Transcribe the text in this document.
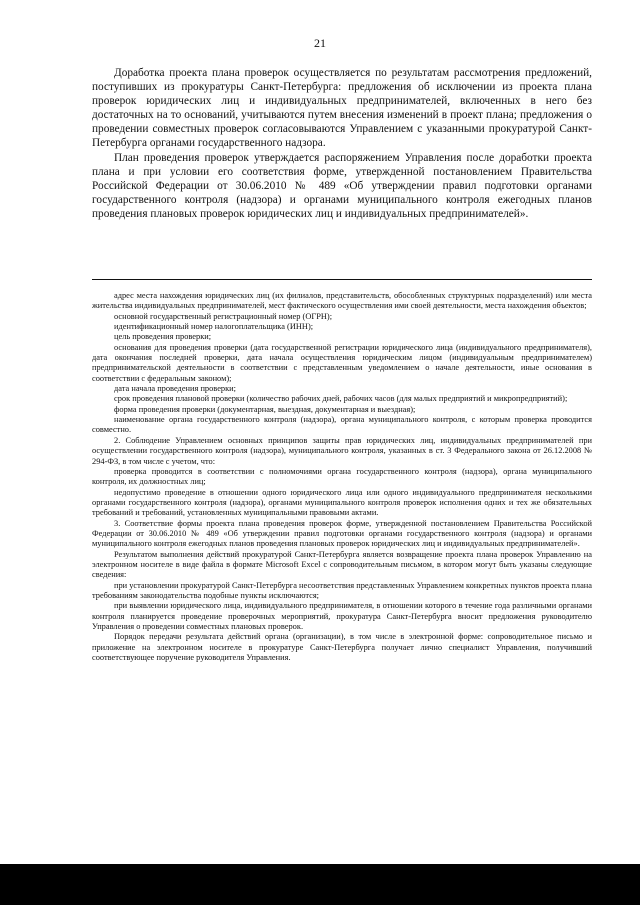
21

Доработка проекта плана проверок осуществляется по результатам рассмотрения предложений, поступивших из прокуратуры Санкт-Петербурга: предложения об исключении из проекта плана проверок юридических лиц и индивидуальных предпринимателей, включенных в него без достаточных на то оснований, учитываются путем внесения изменений в проект плана; предложения о проведении совместных проверок согласовываются Управлением с указанными прокуратурой Санкт-Петербурга органами государственного надзора.

План проведения проверок утверждается распоряжением Управления после доработки проекта плана и при условии его соответствия форме, утвержденной постановлением Правительства Российской Федерации от 30.06.2010 № 489 «Об утверждении правил подготовки органами государственного контроля (надзора) и органами муниципального контроля ежегодных планов проведения плановых проверок юридических лиц и индивидуальных предпринимателей».

адрес места нахождения юридических лиц (их филиалов, представительств, обособленных структурных подразделений) или места жительства индивидуальных предпринимателей, мест фактического осуществления ими своей деятельности, места нахождения объектов;

основной государственный регистрационный номер (ОГРН);

идентификационный номер налогоплательщика (ИНН);

цель проведения проверки;

основания для проведения проверки (дата государственной регистрации юридического лица (индивидуального предпринимателя), дата окончания последней проверки, дата начала осуществления юридическим лицом (индивидуальным предпринимателем) предпринимательской деятельности в соответствии с представленным уведомлением о начале деятельности, иные основания в соответствии с федеральным законом);

дата начала проведения проверки;

срок проведения плановой проверки (количество рабочих дней, рабочих часов (для малых предприятий и микропредприятий);

форма проведения проверки (документарная, выездная, документарная и выездная);

наименование органа государственного контроля (надзора), органа муниципального контроля, с которым проверка проводится совместно.

2. Соблюдение Управлением основных принципов защиты прав юридических лиц, индивидуальных предпринимателей при осуществлении государственного контроля (надзора), муниципального контроля, указанных в ст. 3 Федерального закона от 26.12.2008 № 294-ФЗ, в том числе с учетом, что:

проверка проводится в соответствии с полномочиями органа государственного контроля (надзора), органа муниципального контроля, их должностных лиц;

недопустимо проведение в отношении одного юридического лица или одного индивидуального предпринимателя несколькими органами государственного контроля (надзора), органами муниципального контроля проверок исполнения одних и тех же обязательных требований и требований, установленных муниципальными правовыми актами.

3. Соответствие формы проекта плана проведения проверок форме, утвержденной постановлением Правительства Российской Федерации от 30.06.2010 № 489 «Об утверждении правил подготовки органами государственного контроля (надзора) и органами муниципального контроля ежегодных планов проведения плановых проверок юридических лиц и индивидуальных предпринимателей».

Результатом выполнения действий прокуратурой Санкт-Петербурга является возвращение проекта плана проверок Управлению на электронном носителе в виде файла в формате Microsoft Excel с сопроводительным письмом, в котором могут быть указаны следующие сведения:

при установлении прокуратурой Санкт-Петербурга несоответствия представленных Управлением конкретных пунктов проекта плана требованиям законодательства подобные пункты исключаются;

при выявлении юридического лица, индивидуального предпринимателя, в отношении которого в течение года различными органами контроля планируется проведение проверочных мероприятий, прокуратура Санкт-Петербурга вносит предложения руководителю Управления о проведении совместных плановых проверок.

Порядок передачи результата действий органа (организации), в том числе в электронной форме: сопроводительное письмо и приложение на электронном носителе в прокуратуре Санкт-Петербурга получает лично специалист Управления, получивший соответствующее поручение руководителя Управления.
